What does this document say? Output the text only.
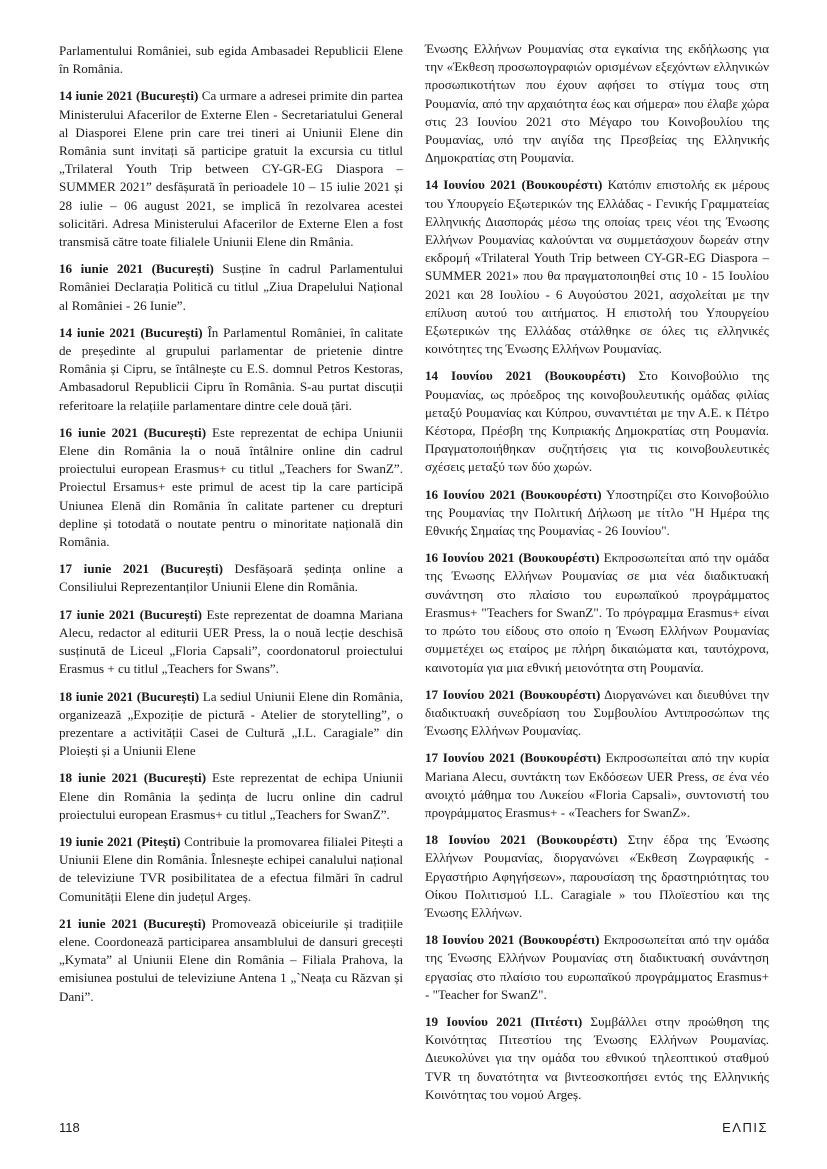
Parlamentului României, sub egida Ambasadei Republicii Elene în România.

14 iunie 2021 (București) Ca urmare a adresei primite din partea Ministerului Afacerilor de Externe Elen - Secretariatului General al Diasporei Elene prin care trei tineri ai Uniunii Elene din România sunt invitați să participe gratuit la excursia cu titlul „Trilateral Youth Trip between CY-GR-EG Diaspora – SUMMER 2021” desfășurată în perioadele 10 – 15 iulie 2021 și 28 iulie – 06 august 2021, se implică în rezolvarea acestei solicitări. Adresa Ministerului Afacerilor de Externe Elen a fost transmisă către toate filialele Uniunii Elene din Rmânia.

16 iunie 2021 (București) Susține în cadrul Parlamentului României Declarația Politică cu titlul „Ziua Drapelului Național al României - 26 Iunie”.

14 iunie 2021 (București) În Parlamentul României, în calitate de președinte al grupului parlamentar de prietenie dintre România și Cipru, se întâlnește cu E.S. domnul Petros Kestoras, Ambasadorul Republicii Cipru în România. S-au purtat discuții referitoare la relațiile parlamentare dintre cele două țări.

16 iunie 2021 (București) Este reprezentat de echipa Uniunii Elene din România la o nouă întâlnire online din cadrul proiectului european Erasmus+ cu titlul „Teachers for SwanZ”. Proiectul Ersamus+ este primul de acest tip la care participă Uniunea Elenă din România în calitate partener cu drepturi depline și totodată o noutate pentru o minoritate națională din România.

17 iunie 2021 (București) Desfășoară ședința online a Consiliului Reprezentanților Uniunii Elene din România.

17 iunie 2021 (București) Este reprezentat de doamna Mariana Alecu, redactor al editurii UER Press, la o nouă lecție deschisă susținută de Liceul „Floria Capsali”, coordonatorul proiectului Erasmus + cu titlul „Teachers for Swans”.

18 iunie 2021 (București) La sediul Uniunii Elene din România, organizează „Expoziție de pictură - Atelier de storytelling”, o prezentare a activității Casei de Cultură „I.L. Caragiale” din Ploiești și a Uniunii Elene

18 iunie 2021 (București) Este reprezentat de echipa Uniunii Elene din România la ședința de lucru online din cadrul proiectului european Erasmus+ cu titlul „Teachers for SwanZ”.

19 iunie 2021 (Pitești) Contribuie la promovarea filialei Pitești a Uniunii Elene din România. Înlesnește echipei canalului național de televiziune TVR posibilitatea de a efectua filmări în cadrul Comunității Elene din județul Argeș.

21 iunie 2021 (București) Promovează obiceiurile și tradițiile elene. Coordonează participarea ansamblului de dansuri grecești „Kymata” al Uniunii Elene din România – Filiala Prahova, la emisiunea postului de televiziune Antena 1 „`Neața cu Răzvan și Dani”.

Ένωσης Ελλήνων Ρουμανίας στα εγκαίνια της εκδήλωσης για την «Έκθεση προσωπογραφιών ορισμένων εξεχόντων ελληνικών προσωπικοτήτων που έχουν αφήσει το στίγμα τους στη Ρουμανία, από την αρχαιότητα έως και σήμερα» που έλαβε χώρα στις 23 Ιουνίου 2021 στο Μέγαρο του Κοινοβουλίου της Ρουμανίας, υπό την αιγίδα της Πρεσβείας της Ελληνικής Δημοκρατίας στη Ρουμανία.

14 Ιουνίου 2021 (Βουκουρέστι) Κατόπιν επιστολής εκ μέρους του Υπουργείο Εξωτερικών της Ελλάδας - Γενικής Γραμματείας Ελληνικής Διασποράς μέσω της οποίας τρεις νέοι της Ένωσης Ελλήνων Ρουμανίας καλούνται να συμμετάσχουν δωρεάν στην εκδρομή «Trilateral Youth Trip between CY-GR-EG Diaspora – SUMMER 2021» που θα πραγματοποιηθεί στις 10 - 15 Ιουλίου 2021 και 28 Ιουλίου - 6 Αυγούστου 2021, ασχολείται με την επίλυση αυτού του αιτήματος. Η επιστολή του Υπουργείου Εξωτερικών της Ελλάδας στάλθηκε σε όλες τις ελληνικές κοινότητες της Ένωσης Ελλήνων Ρουμανίας.

14 Ιουνίου 2021 (Βουκουρέστι) Στο Κοινοβούλιο της Ρουμανίας, ως πρόεδρος της κοινοβουλευτικής ομάδας φιλίας μεταξύ Ρουμανίας και Κύπρου, συναντιέται με την Α.Ε. κ Πέτρο Κέστορα, Πρέσβη της Κυπριακής Δημοκρατίας στη Ρουμανία. Πραγματοποιήθηκαν συζητήσεις για τις κοινοβουλευτικές σχέσεις μεταξύ των δύο χωρών.

16 Ιουνίου 2021 (Βουκουρέστι) Υποστηρίζει στο Κοινοβούλιο της Ρουμανίας την Πολιτική Δήλωση με τίτλο "Η Ημέρα της Εθνικής Σημαίας της Ρουμανίας - 26 Ιουνίου".

16 Ιουνίου 2021 (Βουκουρέστι) Εκπροσωπείται από την ομάδα της Ένωσης Ελλήνων Ρουμανίας σε μια νέα διαδικτυακή συνάντηση στο πλαίσιο του ευρωπαϊκού προγράμματος Erasmus+ "Teachers for SwanZ". Το πρόγραμμα Erasmus+ είναι το πρώτο του είδους στο οποίο η Ένωση Ελλήνων Ρουμανίας συμμετέχει ως εταίρος με πλήρη δικαιώματα και, ταυτόχρονα, καινοτομία για μια εθνική μειονότητα στη Ρουμανία.

17 Ιουνίου 2021 (Βουκουρέστι) Διοργανώνει και διευθύνει την διαδικτυακή συνεδρίαση του Συμβουλίου Αντιπροσώπων της Ένωσης Ελλήνων Ρουμανίας.

17 Ιουνίου 2021 (Βουκουρέστι) Εκπροσωπείται από την κυρία Mariana Alecu, συντάκτη των Εκδόσεων UER Press, σε ένα νέο ανοιχτό μάθημα του Λυκείου «Floria Capsali», συντονιστή του προγράμματος Erasmus+ - «Teachers for SwanZ».

18 Ιουνίου 2021 (Βουκουρέστι) Στην έδρα της Ένωσης Ελλήνων Ρουμανίας, διοργανώνει «Έκθεση Ζωγραφικής - Εργαστήριο Αφηγήσεων», παρουσίαση της δραστηριότητας του Οίκου Πολιτισμού I.L. Caragiale » του Πλοϊεστίου και της Ένωσης Ελλήνων.

18 Ιουνίου 2021 (Βουκουρέστι) Εκπροσωπείται από την ομάδα της Ένωσης Ελλήνων Ρουμανίας στη διαδικτυακή συνάντηση εργασίας στο πλαίσιο του ευρωπαϊκού προγράμματος Erasmus+ - "Teacher for SwanZ".

19 Ιουνίου 2021 (Πιτέστι) Συμβάλλει στην προώθηση της Κοινότητας Πιτεστίου της Ένωσης Ελλήνων Ρουμανίας. Διευκολύνει για την ομάδα του εθνικού τηλεοπτικού σταθμού TVR τη δυνατότητα να βιντεοσκοπήσει εντός της Ελληνικής Κοινότητας του νομού Argeș.

118	ΕΛΠΙΣ
